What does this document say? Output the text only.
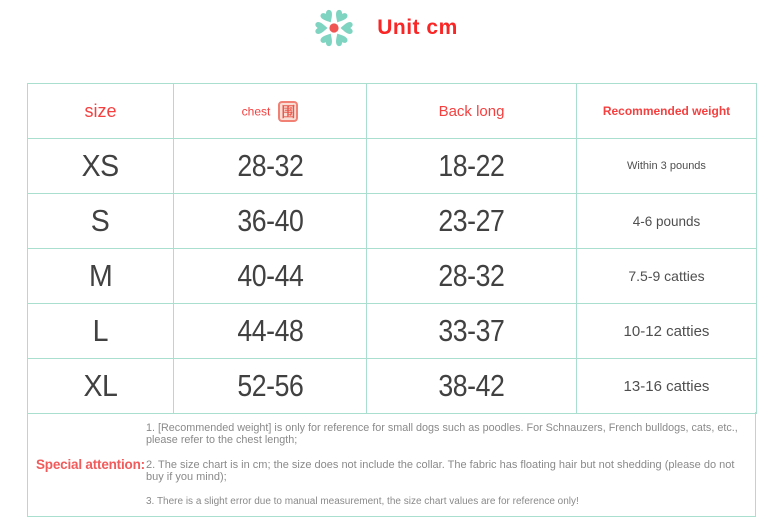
Unit cm
size	chest 围	Back long	Recommended weight
XS	28-32	18-22	Within 3 pounds
S	36-40	23-27	4-6 pounds
M	40-44	28-32	7.5-9 catties
L	44-48	33-37	10-12 catties
XL	52-56	38-42	13-16 catties
Special attention:

1. [Recommended weight] is only for reference for small dogs such as poodles. For Schnauzers, French bulldogs, cats, etc., please refer to the chest length;

2. The size chart is in cm; the size does not include the collar. The fabric has floating hair but not shedding (please do not buy if you mind);

3. There is a slight error due to manual measurement, the size chart values are for reference only!
